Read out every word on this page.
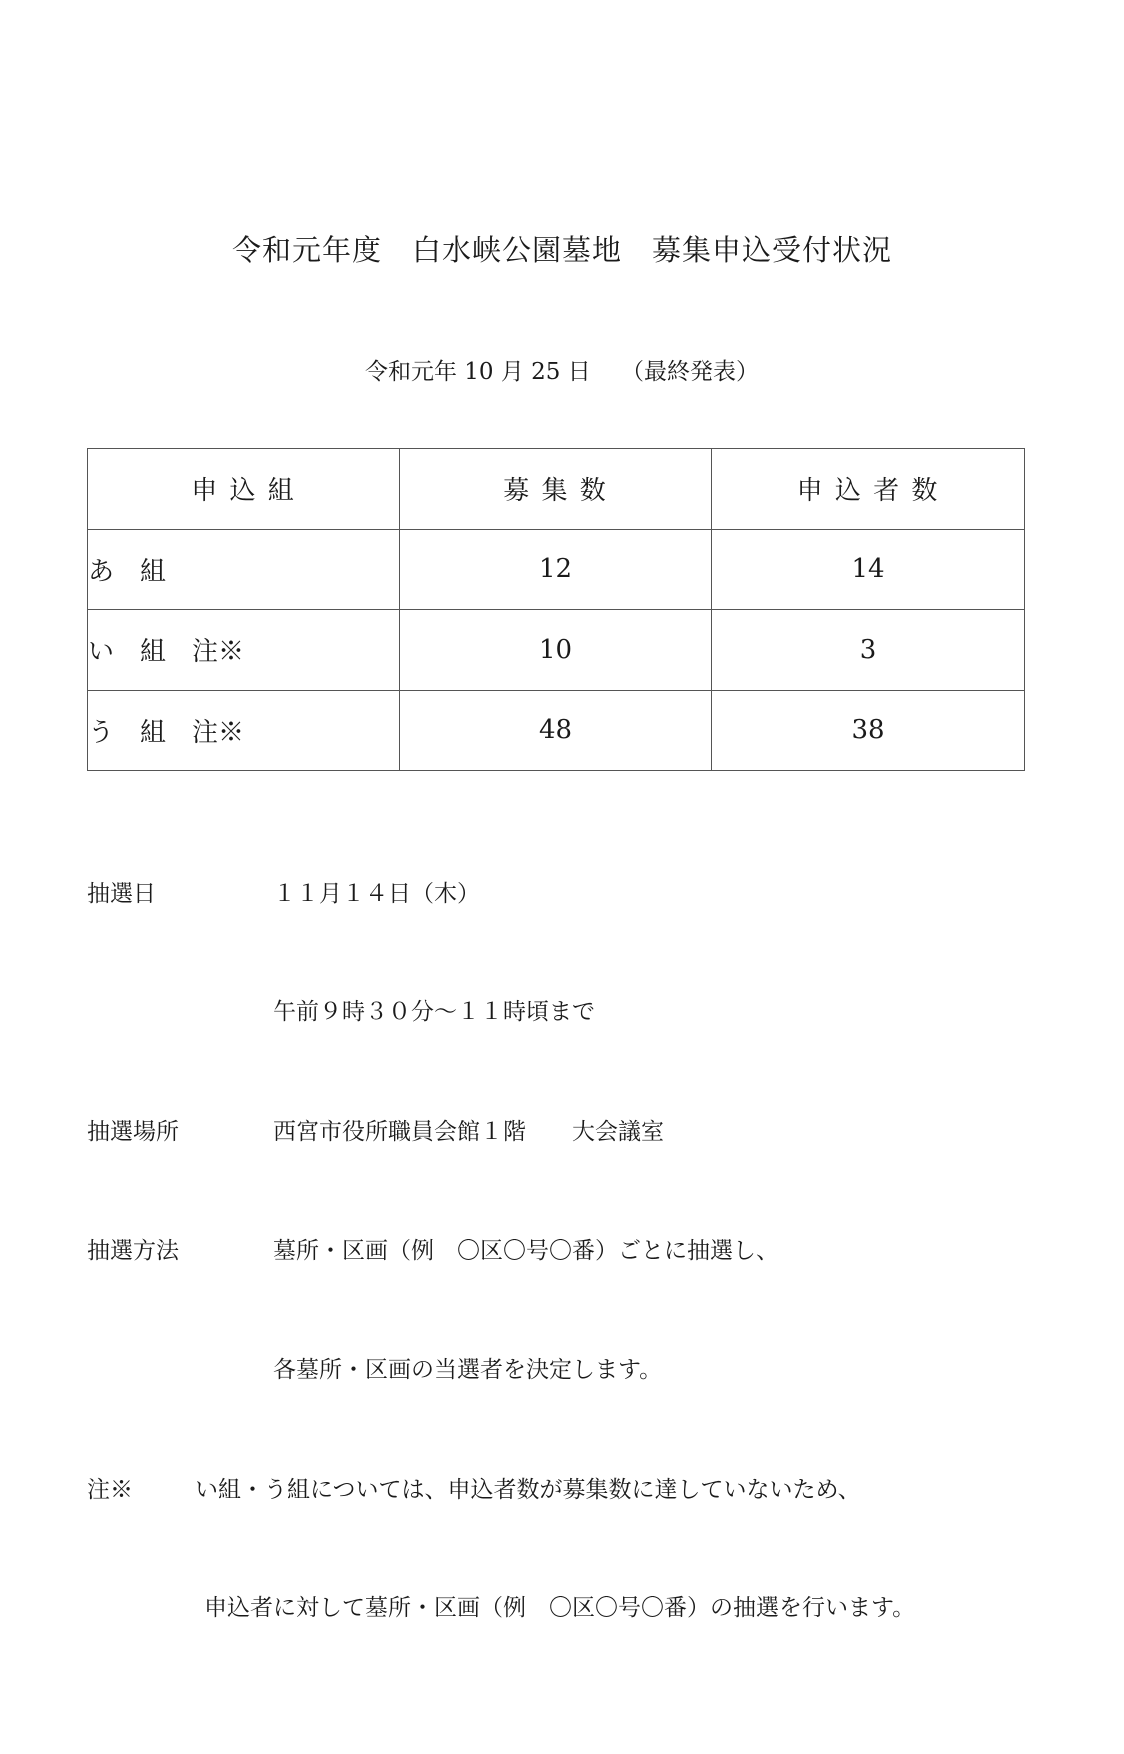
令和元年度　白水峡公園墓地　募集申込受付状況
令和元年 10 月 25 日　 （最終発表）
申 込 組	募 集 数	申 込 者 数
あ　組	12	14
い　組　注※	10	3
う　組　注※	48	38
抽選日	１１月１４日（木）
午前９時３０分～１１時頃まで
抽選場所	西宮市役所職員会館１階　　大会議室
抽選方法	墓所・区画（例　〇区〇号〇番）ごとに抽選し、
各墓所・区画の当選者を決定します。
注※	い組・う組については、申込者数が募集数に達していないため、
申込者に対して墓所・区画（例　〇区〇号〇番）の抽選を行います。
